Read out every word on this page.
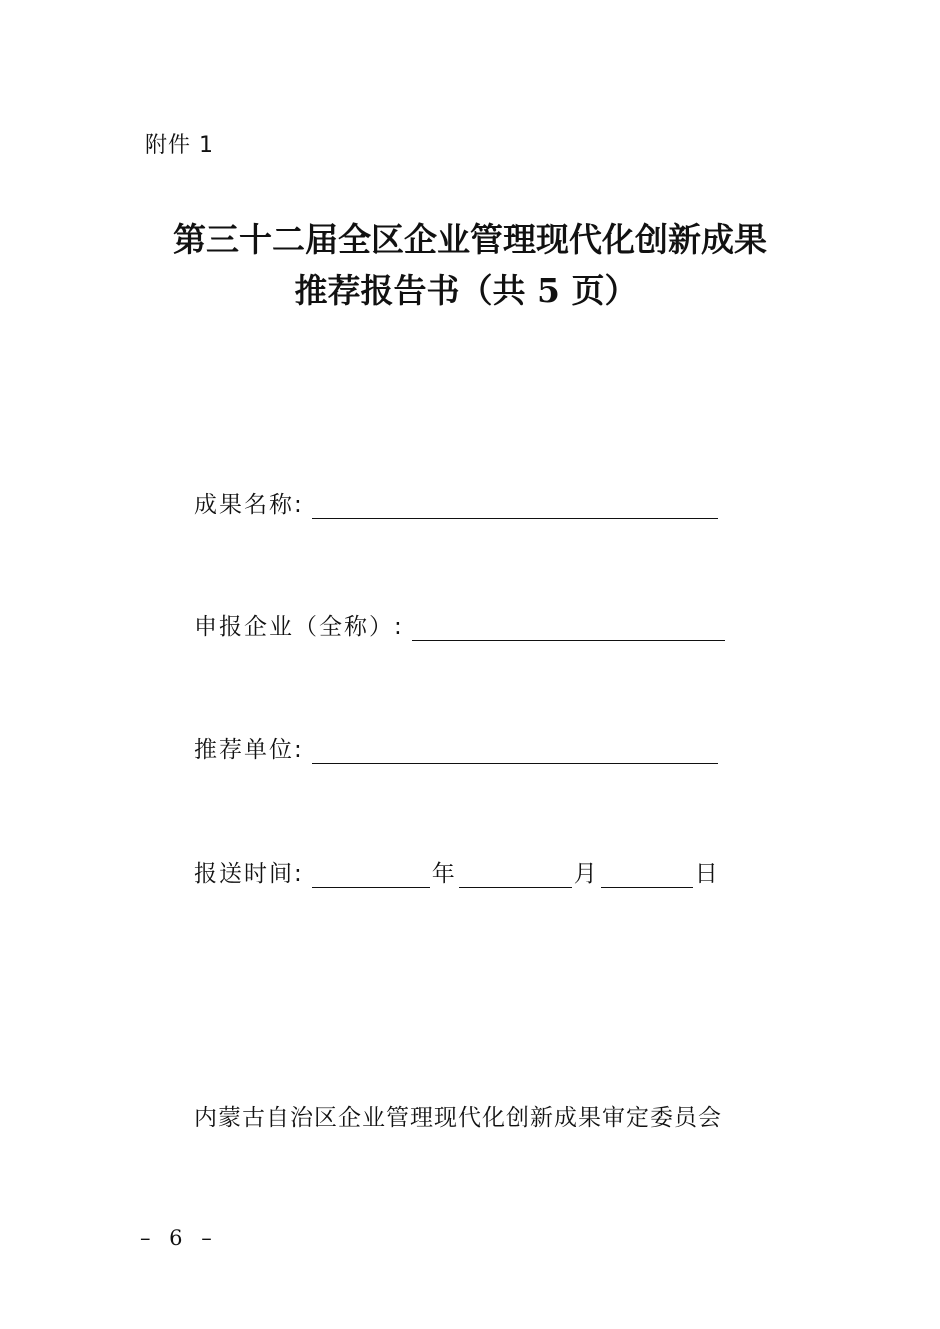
附件 1
第三十二届全区企业管理现代化创新成果
推荐报告书（共 5 页）
成果名称:
申报企业（全称）:
推荐单位:
报送时间:	年	月	日
内蒙古自治区企业管理现代化创新成果审定委员会
– 6 –
